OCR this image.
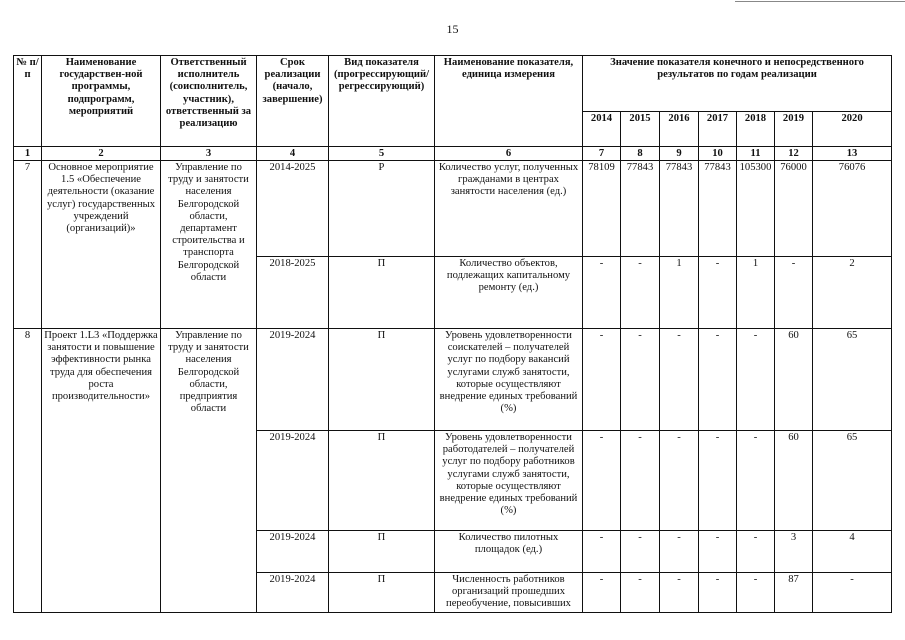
15
№ п/п	Наименование государствен-ной программы, подпрограмм, мероприятий	Ответственный исполнитель (соисполнитель, участник), ответственный за реализацию	Срок реализации (начало, завершение)	Вид показателя (прогрессирующий/ регрессирующий)	Наименование показателя, единица измерения	Значение показателя конечного и непосредственного результатов по годам реализации						
						2014	2015	2016	2017	2018	2019	2020
1	2	3	4	5	6	7	8	9	10	11	12	13
7	Основное мероприятие 1.5 «Обеспечение деятельности (оказание услуг) государственных учреждений (организаций)»	Управление по труду и занятости населения Белгородской области, департамент строительства и транспорта Белгородской области	2014-2025	Р	Количество услуг, полученных гражданами в центрах занятости населения (ед.)	78109	77843	77843	77843	105300	76000	76076
			2018-2025	П	Количество объектов, подлежащих капитальному ремонту (ед.)	-	-	1	-	1	-	2
8	Проект 1.L3 «Поддержка занятости и повышение эффективности рынка труда для обеспечения роста производительности»	Управление по труду и занятости населения Белгородской области, предприятия области	2019-2024	П	Уровень удовлетворенности соискателей – получателей услуг по подбору вакансий услугами служб занятости, которые осуществляют внедрение единых требований (%)	-	-	-	-	-	60	65
			2019-2024	П	Уровень удовлетворенности работодателей – получателей услуг по подбору работников услугами служб занятости, которые осуществляют внедрение единых требований (%)	-	-	-	-	-	60	65
			2019-2024	П	Количество пилотных площадок (ед.)	-	-	-	-	-	3	4
			2019-2024	П	Численность работников организаций прошедших переобучение, повысивших	-	-	-	-	-	87	-
